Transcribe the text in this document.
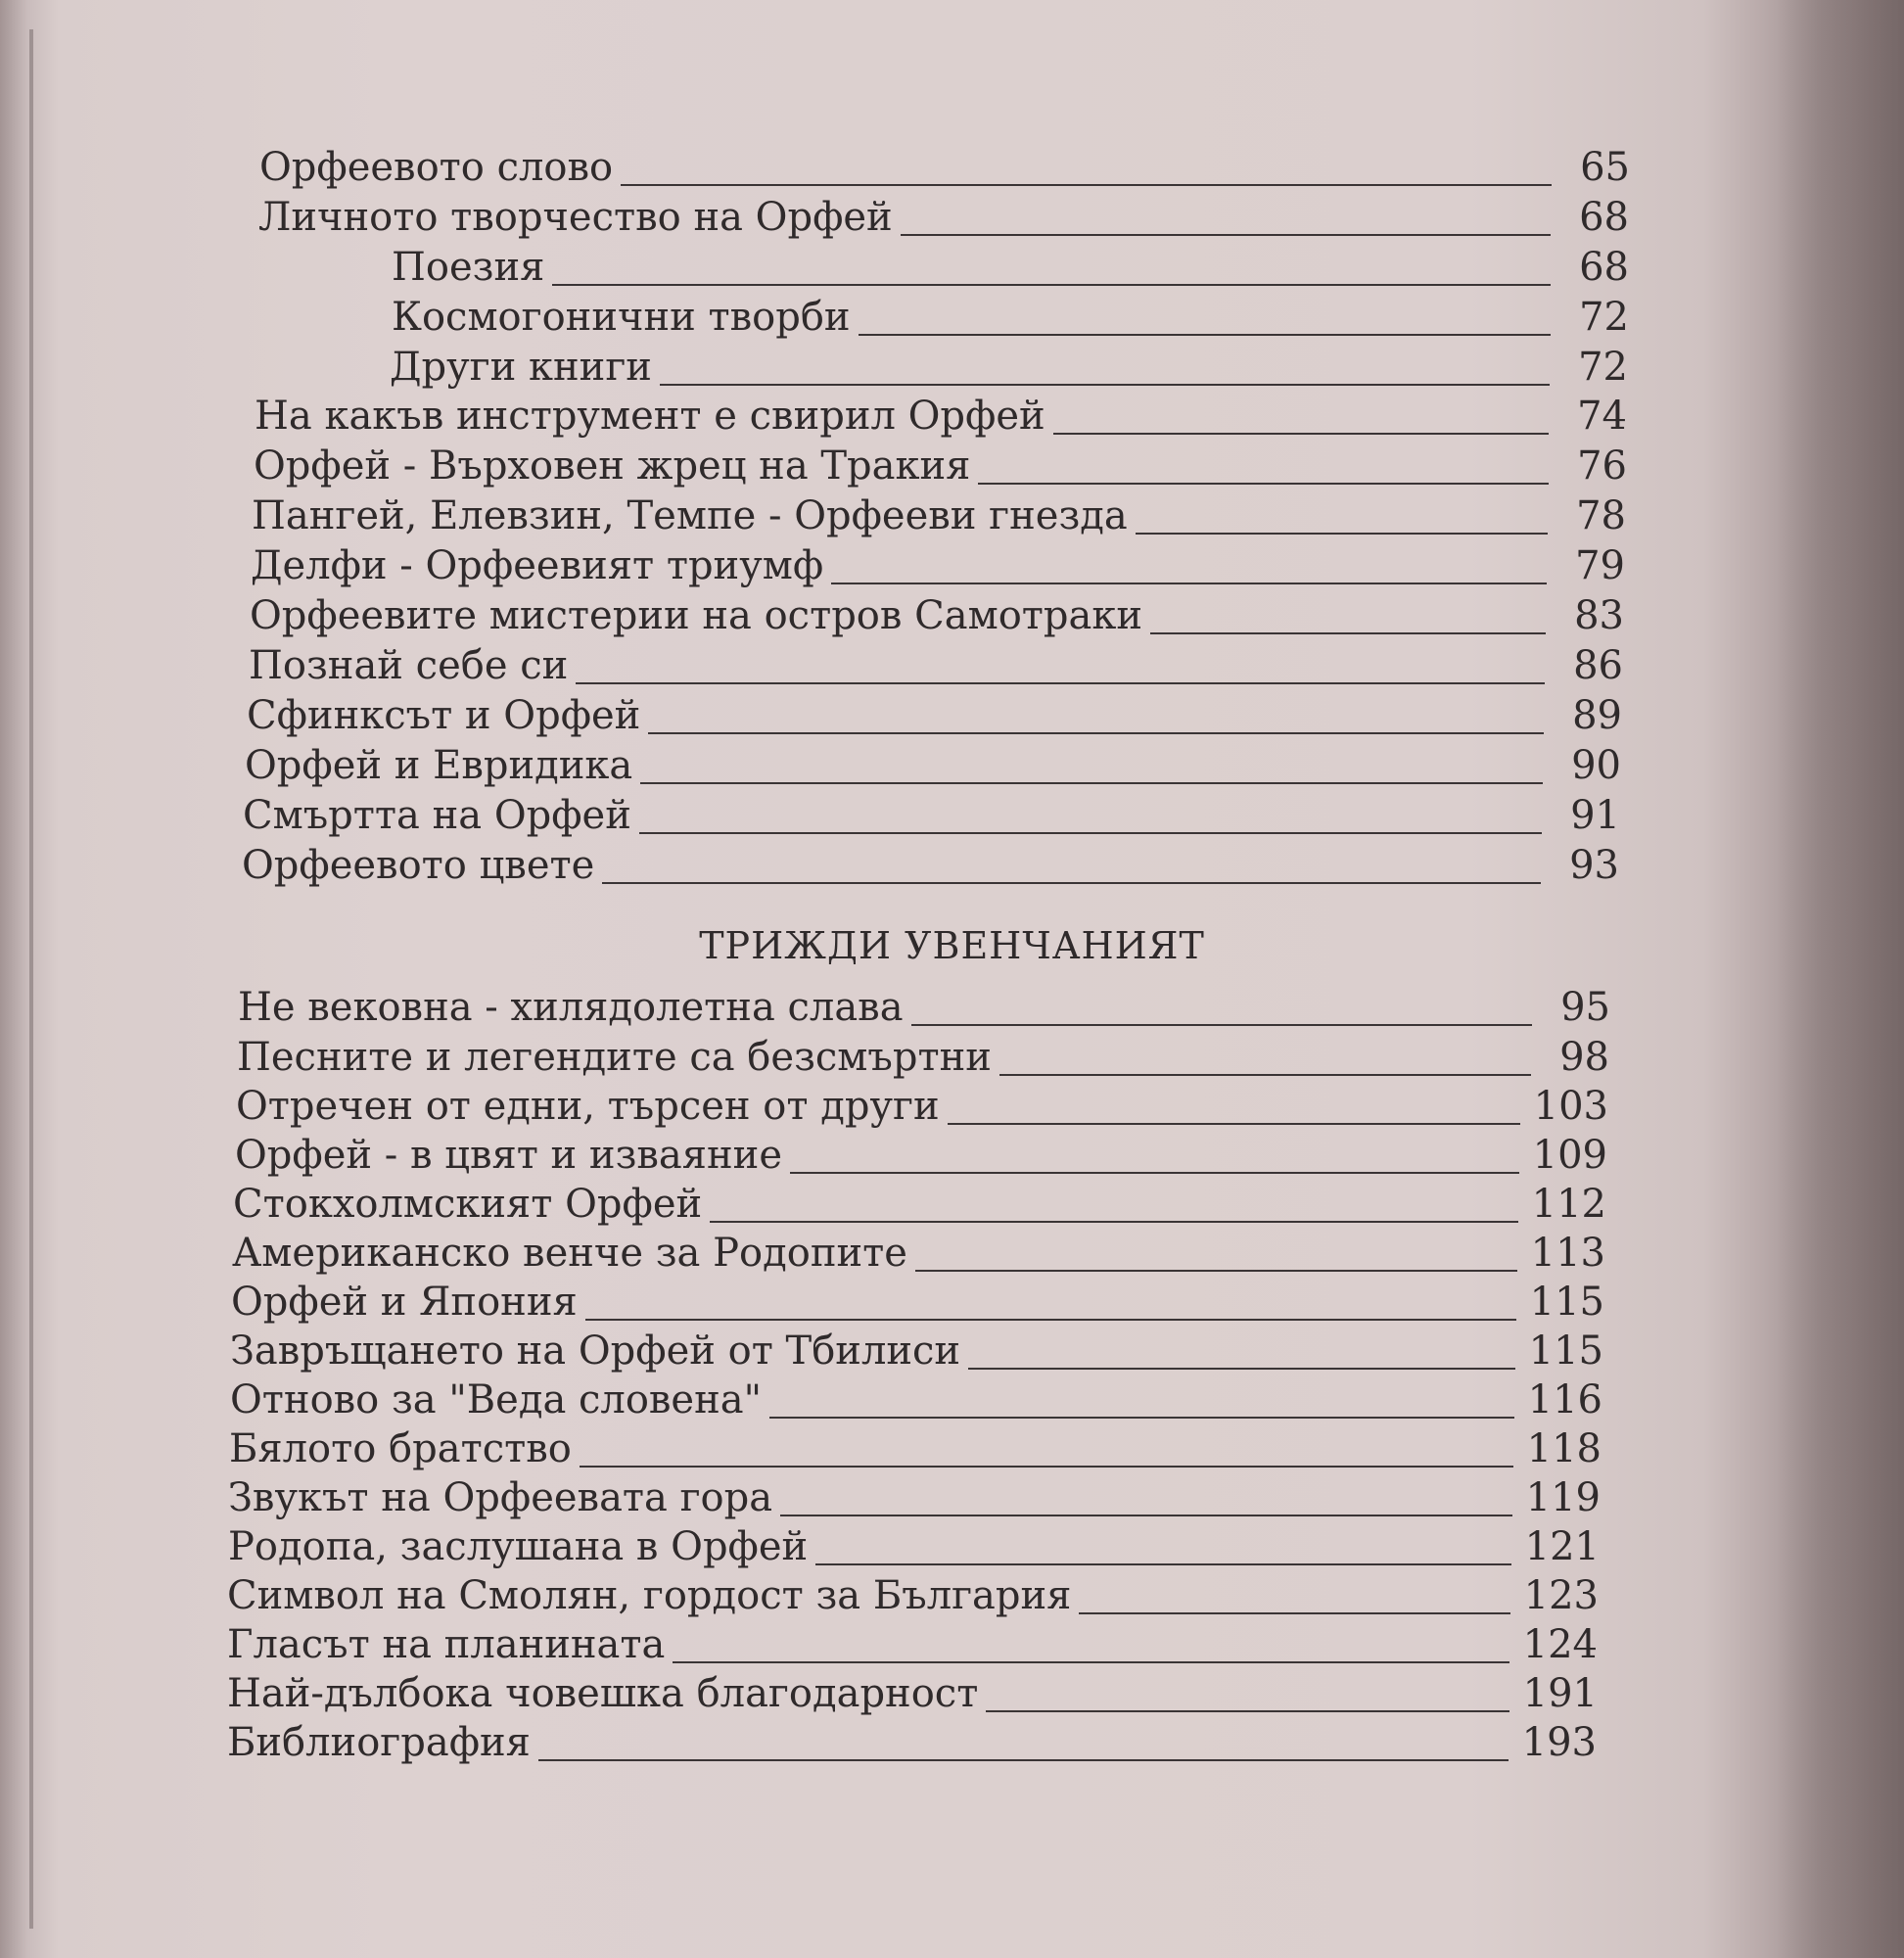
Орфеевото слово	65
Личното творчество на Орфей	68
Поезия	68
Космогонични творби	72
Други книги	72
На какъв инструмент е свирил Орфей	74
Орфей - Върховен жрец на Тракия	76
Пангей, Елевзин, Темпе - Орфееви гнезда	78
Делфи - Орфеевият триумф	79
Орфеевите мистерии на остров Самотраки	83
Познай себе си	86
Сфинксът и Орфей	89
Орфей и Евридика	90
Смъртта на Орфей	91
Орфеевото цвете	93
ТРИЖДИ УВЕНЧАНИЯТ
Не вековна - хилядолетна слава	95
Песните и легендите са безсмъртни	98
Отречен от едни, търсен от други	103
Орфей - в цвят и изваяние	109
Стокхолмският Орфей	112
Американско венче за Родопите	113
Орфей и Япония	115
Завръщането на Орфей от Тбилиси	115
Отново за "Веда словена"	116
Бялото братство	118
Звукът на Орфеевата гора	119
Родопа, заслушана в Орфей	121
Символ на Смолян, гордост за България	123
Гласът на планината	124
Най-дълбока човешка благодарност	191
Библиография	193
